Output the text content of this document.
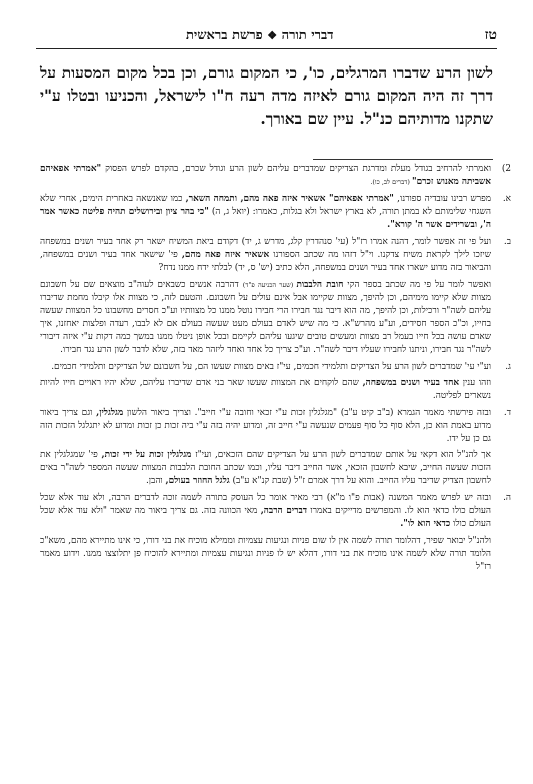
טז
דברי תורה ❖ פרשת בראשית
לשון הרע שדברו המרגלים, כו', כי המקום גורם, וכן בכל מקום המסעות על דרך זה היה המקום גורם לאיזה מדה רעה ח"ו לישראל, והכניעו ובטלו ע"י שתקנו מדותיהם כנ"ל. עיין שם באורך.
2)

ואמרתי להרחיב בגודל מעלת ומדרגת הצדיקים שמדברים עליהם לשון הרע וגודל שכרם, בהקדם לפרש הפסוק "אמרתי אפאיהם אשביתה מאנוש זכרם" (דברים לב, כו).

א.

מפרש רבינו עובדיה ספורנו, "אמרתי אפאיהם" אשאיר איזה פאה מהם, ותמחה השאר, כמו שאנשאה באחרית הימים, אחרי שלא השגחי שלימותם לא במתן תורה, לא בארץ ישראל ולא בגלות, כאמרו: (יואל ג, ה) "כי בהר ציון ובירושלים תהיה פליטה כאשר אמר ה', ובשרידים אשר ה' קורא".

ב.

ועל פי זה אפשר לומר, דהנה אמרו רז"ל (עי' סנהדרין קלג, מדרש ג, יד) דקודם ביאת המשיח ישאר רק אחד בעיר ושנים במשפחה שיזכו לילך לקראת משיח צדקנו. וי"ל דזהו מה שכתב הספורנו אשאיר איזה פאה מהם, פי' שישאר אחד בעיר ושנים במשפחה, והביאור בזה מדוע ישארו אחד בעיר ושנים במשפחה, הלא כתיב (יש' ס, יד) לבלתי ידח ממנו נדח?

ואפשר לומר על פי מה שכתב בספר הקי חובת הלבבות (שער הכניעה פ"ד) דהרבה אנשים כשבאים לעוה"ב מוצאים שם על חשבונם מצוות שלא קיימו מימיהם, וכן להיפך, מצוות שקיימו אבל אינם עולים על חשבונם. והטעם לזה, כי מצוות אלו קיבלו מחמת שדיברו עליהם לשה"ר ורכילות, וכן להיפך, מה הוא דיבר נגד חבירו הרי חבירו נוטל ממנו כל מצוותיו וע"כ חסרים מחשבונו כל המצוות שעשה בחייו, וכ"כ הספר חסידים, וע"ע מהרש"א. כי מה שיש לאדם בעולם מעט שעשה בעולם אם לא לבבו, רעדה ופלצות יאחזנו, איך שאדם עושה בכל חייו בעמל רב מצוות ומעשים טובים שיגעו עליהם לקיימם ובכל אופן ניטלו ממנו במשך כמה דקות ע"י איזה דיבורי לשה"ר נגד חבירו, וניתנו לחבירו שעליו דיבר לשה"ר. וע"כ צריך כל אחד ואחד ליזהר מאד בזה, שלא לדבר לשון הרע נגד חבירו.

ג.

וע"י עי' שמדברים לשון הרע על הצדיקים ותלמידי חכמים, עי"ז באים מצוות שעשו הם, על חשבונם של הצדיקים ותלמידי חכמים.

וזהו ענין אחד בעיר ושנים במשפחה, שהם לוקחים את המצוות שעשו שאר בני אדם שדיברו עליהם, שלא יהיו ראויים חייו להיות נשארים לפליטה.

ד.

ובזה פירשתי מאמר הגמרא (ב"ב קיט ע"ב) "מגלגלין זכות ע"י זכאי וחובה ע"י חייב". וצריך ביאור הלשון מגלגלין, וגם צריך ביאור מדוע באמת הוא כן, הלא סוף כל סוף פעמים שנעשה ע"י חייב זה, ומדוע יהיה בזה ע"י ביה זכות כן זכות ומדוע לא יתגלגל הזכות הזה גם כן על ידו.

אך להנ"ל הוא דקאי על אותם שמדברים לשון הרע על הצדיקים שהם הזכאים, ועי"ז מגלגלין זכות על ידי זכות, פי' שמגלגלין את הזכות שעשה החייב, שיבא לחשבון הזכאי, אשר החייב דיבר עליו, וכמו שכתב החובת הלבבות המצוות שעשה המספר לשה"ר באים לחשבון הצדיק שדיבר עליו החייב. והוא על דרך אמרם ז"ל (שבת קנ"א ע"ב) גלגל החוזר בעולם, והבן.

ה.

ובזה יש לפרש מאמר המשנה (אבות פ"ו מ"א) רבי מאיר אומר כל העוסק בתורה לשמה זוכה לדברים הרבה, ולא עוד אלא שכל העולם כולו כדאי הוא לו. והמפרשים מדייקים באמרו דברים הרבה, מאי הכוונה בזה. גם צריך ביאור מה שאמר "ולא עוד אלא שכל העולם כולו כדאי הוא לו".

ולהנ"ל יבואר שפיר, דהלומד תורה לשמה אין לו שום פניות ונגיעות עצמיות וממילא מוכיח את בני דורו, כי אינו מתיירא מהם, משא"כ הלומד תורה שלא לשמה אינו מוכיח את בני דורו, דהלא יש לו פניות ונגיעות עצמיות ומתיירא להוכיח פן יתלוצצו ממנו. וידוע מאמר רז"ל
